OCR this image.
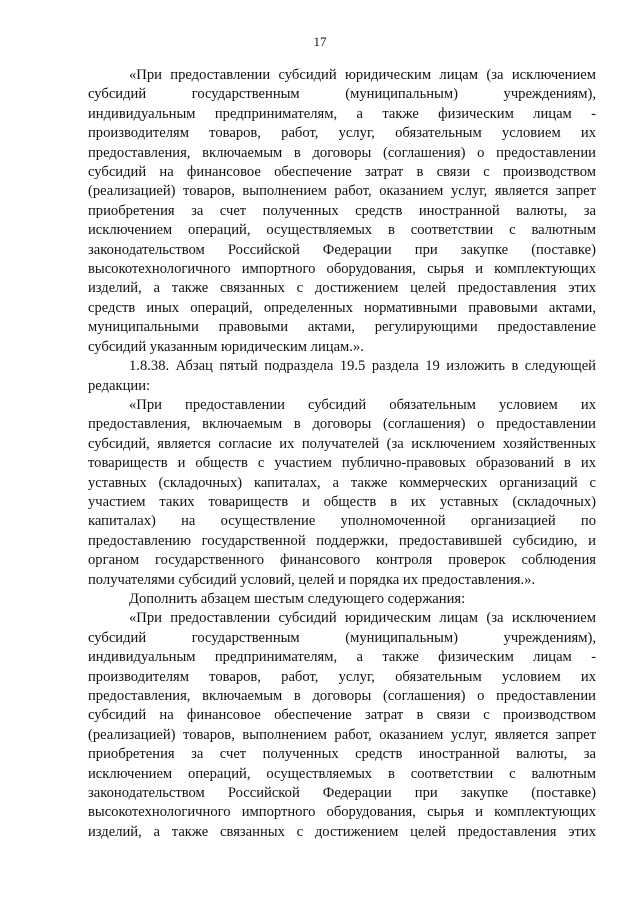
17
«При предоставлении субсидий юридическим лицам (за исключением
субсидий государственным (муниципальным) учреждениям),
индивидуальным предпринимателям, а также физическим лицам -
производителям товаров, работ, услуг, обязательным условием их
предоставления, включаемым в договоры (соглашения) о предоставлении
субсидий на финансовое обеспечение затрат в связи с производством
(реализацией) товаров, выполнением работ, оказанием услуг, является запрет
приобретения за счет полученных средств иностранной валюты, за
исключением операций, осуществляемых в соответствии с валютным
законодательством Российской Федерации при закупке (поставке)
высокотехнологичного импортного оборудования, сырья и комплектующих
изделий, а также связанных с достижением целей предоставления этих
средств иных операций, определенных нормативными правовыми актами,
муниципальными правовыми актами, регулирующими предоставление
субсидий указанным юридическим лицам.».
1.8.38. Абзац пятый подраздела 19.5 раздела 19 изложить в следующей
редакции:
«При предоставлении субсидий обязательным условием их
предоставления, включаемым в договоры (соглашения) о предоставлении
субсидий, является согласие их получателей (за исключением хозяйственных
товариществ и обществ с участием публично-правовых образований в их
уставных (складочных) капиталах, а также коммерческих организаций с
участием таких товариществ и обществ в их уставных (складочных)
капиталах) на осуществление уполномоченной организацией по
предоставлению государственной поддержки, предоставившей субсидию, и
органом государственного финансового контроля проверок соблюдения
получателями субсидий условий, целей и порядка их предоставления.».
Дополнить абзацем шестым следующего содержания:
«При предоставлении субсидий юридическим лицам (за исключением
субсидий государственным (муниципальным) учреждениям),
индивидуальным предпринимателям, а также физическим лицам -
производителям товаров, работ, услуг, обязательным условием их
предоставления, включаемым в договоры (соглашения) о предоставлении
субсидий на финансовое обеспечение затрат в связи с производством
(реализацией) товаров, выполнением работ, оказанием услуг, является запрет
приобретения за счет полученных средств иностранной валюты, за
исключением операций, осуществляемых в соответствии с валютным
законодательством Российской Федерации при закупке (поставке)
высокотехнологичного импортного оборудования, сырья и комплектующих
изделий, а также связанных с достижением целей предоставления этих
